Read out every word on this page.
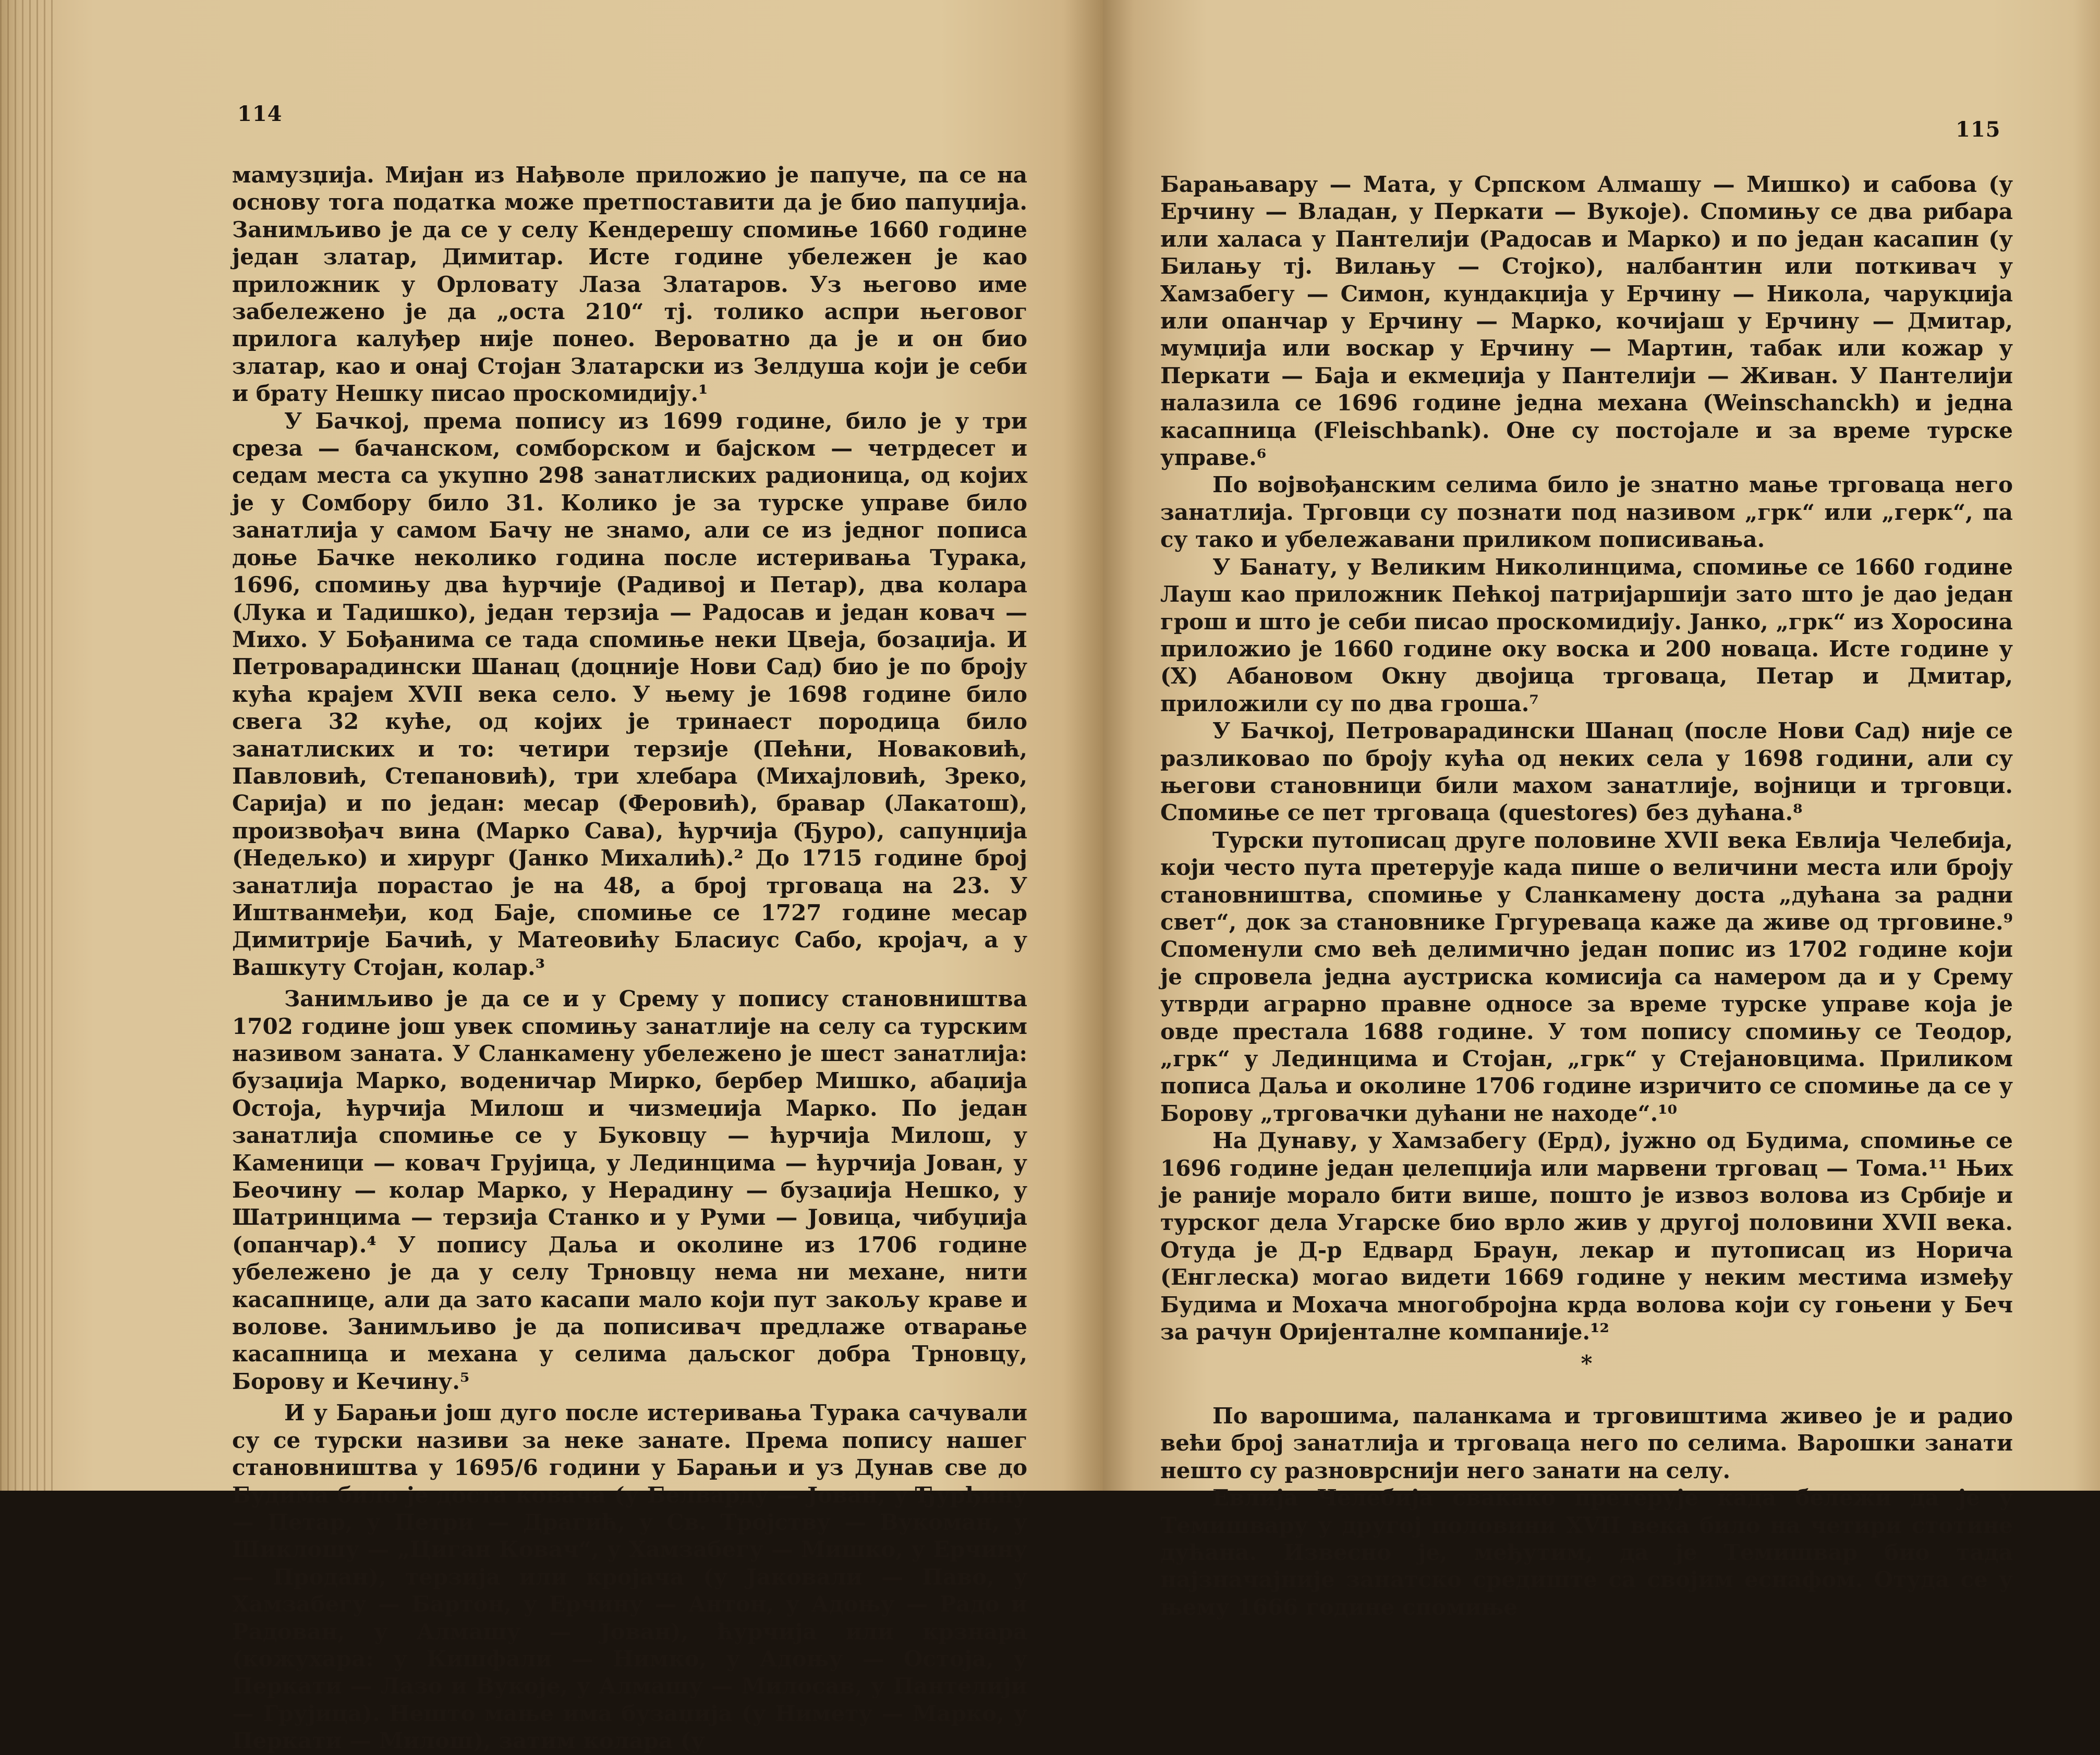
114

мамузџија. Мијан из Нађволе приложио је папуче, па се на основу тога податка може претпоставити да је био папуџија. Занимљиво је да се у селу Кендерешу спомиње 1660 године један златар, Димитар. Исте године убележен је као приложник у Орловату Лаза Златаров. Уз његово име забележено је да „оста 210“ тј. толико аспри његовог прилога калуђер није понео. Вероватно да је и он био златар, као и онај Стојан Златарски из Зелдуша који је себи и брату Нешку писао проскомидију.¹

У Бачкој, према попису из 1699 године, било је у три среза — бачанском, сомборском и бајском — четрдесет и седам места са укупно 298 занатлиских радионица, од којих је у Сомбору било 31. Колико је за турске управе било занатлија у самом Бачу не знамо, али се из једног пописа доње Бачке неколико година после истеривања Турака, 1696, спомињу два ћурчије (Радивој и Петар), два колара (Лука и Тадишко), један терзија — Радосав и један ковач — Михо. У Бођанима се тада спомиње неки Цвеја, бозаџија. И Петроварадински Шанац (доцније Нови Сад) био је по броју кућа крајем XVII века село. У њему је 1698 године било свега 32 куће, од којих је тринаест породица било занатлиских и то: четири терзије (Пећни, Новаковић, Павловић, Степановић), три хлебара (Михајловић, Зреко, Сарија) и по један: месар (Феровић), бравар (Лакатош), произвођач вина (Марко Сава), ћурчија (Ђуро), сапунџија (Недељко) и хирург (Јанко Михалић).² До 1715 године број занатлија порастао је на 48, а број трговаца на 23. У Иштванмеђи, код Баје, спомиње се 1727 године месар Димитрије Бачић, у Матеовићу Бласиус Сабо, кројач, а у Вашкуту Стојан, колар.³

Занимљиво је да се и у Срему у попису становништва 1702 године још увек спомињу занатлије на селу са турским називом заната. У Сланкамену убележено је шест занатлија: бузаџија Марко, воденичар Мирко, бербер Мишко, абаџија Остоја, ћурчија Милош и чизмеџија Марко. По један занатлија спомиње се у Буковцу — ћурчија Милош, у Каменици — ковач Грујица, у Лединцима — ћурчија Јован, у Беочину — колар Марко, у Нерадину — бузаџија Нешко, у Шатринцима — терзија Станко и у Руми — Јовица, чибуџија (опанчар).⁴ У попису Даља и околине из 1706 године убележено је да у селу Трновцу нема ни механе, нити касапнице, али да зато касапи мало који пут закољу краве и волове. Занимљиво је да пописивач предлаже отварање касапница и механа у селима даљског добра Трновцу, Борову и Кечину.⁵

И у Барањи још дуго после истеривања Турака сачували су се турски називи за неке занате. Према попису нашег становништва у 1695/6 години у Барањи и уз Дунав све до Будима било је доста ковача (у Белварду — Јован, у Ђурђину — Петар, у Петри — Драгић, у Св. Тројству — Вукоман, у Шиклошу — „Циган Ковач“, у Хамзабегу — Мишко, у Ерчину — Продан), терзија или кројача (у Јаковали — Паво, у Хамзабегу — Бартон, у Ерчину — Антон, у Адоњу — Радо и Радован, у Алмашу — Јован), ћурчија или крзнара (кожухара: у Кишфали — Нимко, у Адоњу — Остоја, у Перкати — Лазо и Вукоје, у Алмашу — Милосав, у Пантелији — Грујица). Нешто мање има бузаџија (у Нимету — Марко, у Перкати — Милош), затим колара (у

115

Барањавару — Мата, у Српском Алмашу — Мишко) и сабова (у Ерчину — Владан, у Перкати — Вукоје). Спомињу се два рибара или халаса у Пантелији (Радосав и Марко) и по један касапин (у Билању тј. Вилању — Стојко), налбантин или поткивач у Хамзабегу — Симон, кундакџија у Ерчину — Никола, чарукџија или опанчар у Ерчину — Марко, кочијаш у Ерчину — Дмитар, мумџија или воскар у Ерчину — Мартин, табак или кожар у Перкати — Баја и екмеџија у Пантелији — Живан. У Пантелији налазила се 1696 године једна механа (Weinschanckh) и једна касапница (Fleischbank). Оне су постојале и за време турске управе.⁶

По војвођанским селима било је знатно мање трговаца него занатлија. Трговци су познати под називом „грк“ или „герк“, па су тако и убележавани приликом пописивања.

У Банату, у Великим Николинцима, спомиње се 1660 године Лауш као приложник Пећкој патријаршији зато што је дао један грош и што је себи писао проскомидију. Јанко, „грк“ из Хоросина приложио је 1660 године оку воска и 200 новаца. Исте године у (Х) Абановом Окну двојица трговаца, Петар и Дмитар, приложили су по два гроша.⁷

У Бачкој, Петроварадински Шанац (после Нови Сад) није се разликовао по броју кућа од неких села у 1698 години, али су његови становници били махом занатлије, војници и трговци. Спомиње се пет трговаца (questores) без дућана.⁸

Турски путописац друге половине XVII века Евлија Челебија, који често пута претерује када пише о величини места или броју становништва, спомиње у Сланкамену доста „дућана за радни свет“, док за становнике Гргуреваца каже да живе од трговине.⁹ Споменули смо већ делимично један попис из 1702 године који је спровела једна аустриска комисија са намером да и у Срему утврди аграрно правне односе за време турске управе која је овде престала 1688 године. У том попису спомињу се Теодор, „грк“ у Лединцима и Стојан, „грк“ у Стејановцима. Приликом пописа Даља и околине 1706 године изричито се спомиње да се у Борову „трговачки дућани не находе“.¹⁰

На Дунаву, у Хамзабегу (Ерд), јужно од Будима, спомиње се 1696 године један џелепџија или марвени трговац — Тома.¹¹ Њих је раније морало бити више, пошто је извоз волова из Србије и турског дела Угарске био врло жив у другој половини XVII века. Отуда је Д-р Едвард Браун, лекар и путописац из Норича (Енглеска) могао видети 1669 године у неким местима између Будима и Мохача многобројна крда волова који су гоњени у Беч за рачун Оријенталне компаније.¹²

*

По варошима, паланкама и трговиштима живео је и радио већи број занатлија и трговаца него по селима. Варошки занати нешто су разноврснији него занати на селу.

Евлија Челебија свакако претерује када бележи да је у Темишвару у другој половини XVII века било на четири стотине дућана. Извесно је, међутим, да је Темишвар био тада најзначајније занатско средиште са својим еснафом. Отуда се у њему 1666 године спомиње
